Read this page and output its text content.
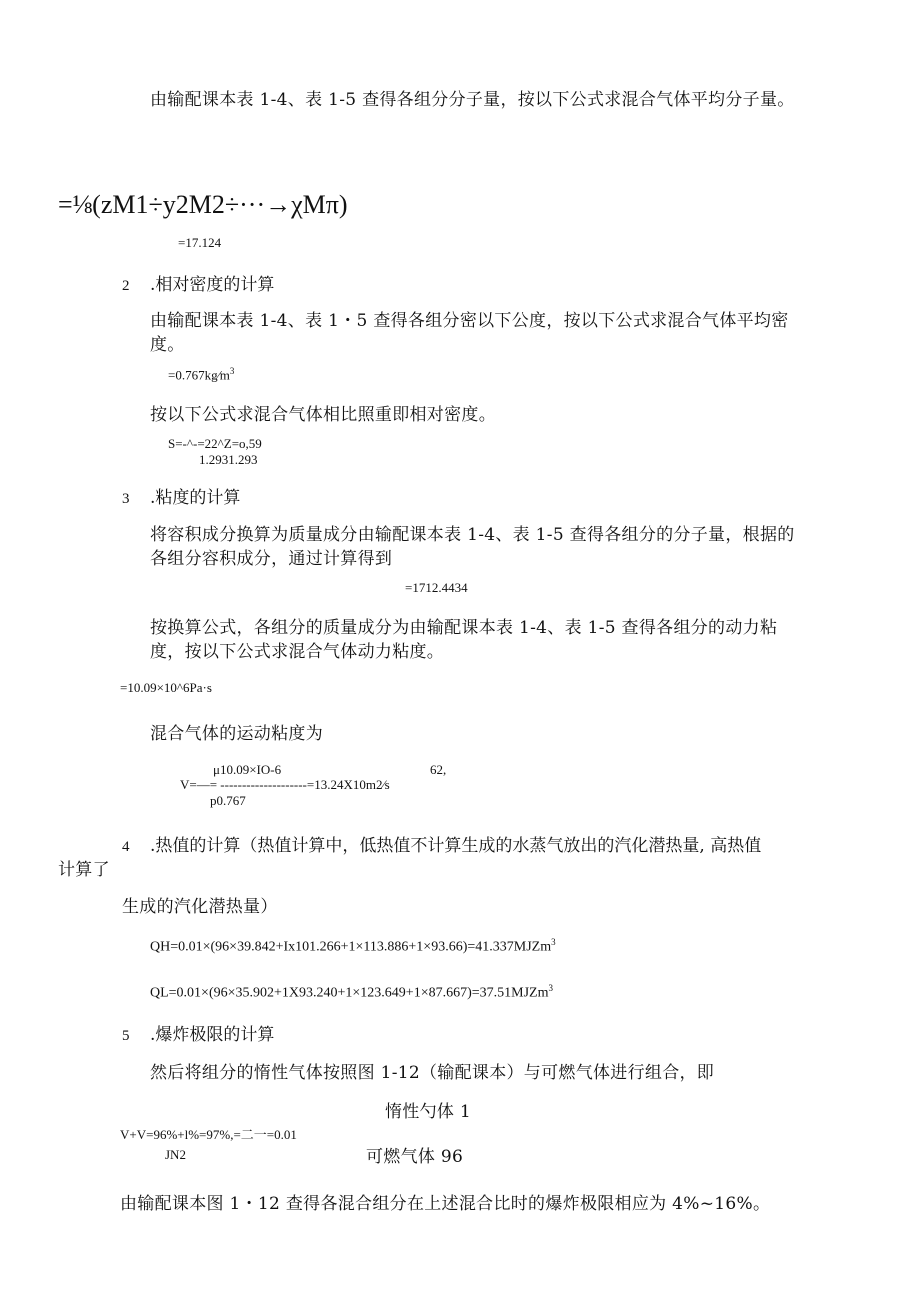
由输配课本表 1-4、表 1-5 查得各组分分子量，按以下公式求混合气体平均分子量。
=⅛(zM1÷y2M2÷···→χMπ)
=17.124
2 .相对密度的计算
由输配课本表 1-4、表 1・5 查得各组分密以下公度，按以下公式求混合气体平均密
度。
$=0.767kg∕m^3$
按以下公式求混合气体相比照重即相对密度。
S=-^-=22^Z=o,59
1.2931.293
3 .粘度的计算
将容积成分换算为质量成分由输配课本表 1-4、表 1-5 查得各组分的分子量，根据的
各组分容积成分，通过计算得到
=1712.4434
按换算公式，各组分的质量成分为由输配课本表 1-4、表 1-5 查得各组分的动力粘
度，按以下公式求混合气体动力粘度。
=10.09×10^6Pa·s
混合气体的运动粘度为
μ10.09×IO-6	62,
V=—= --------------------=13.24X10m2∕s
p0.767
4 .热值的计算（热值计算中，低热值不计算生成的水蒸气放出的汽化潜热量, 高热值
计算了
生成的汽化潜热量）
QH=0.01×(96×39.842+Ix101.266+1×113.886+1×93.66)=41.337MJZm$^3$
QL=0.01×(96×35.902+1X93.240+1×123.649+1×87.667)=37.51MJZm$^3$
5 .爆炸极限的计算
然后将组分的惰性气体按照图 1-12（输配课本）与可燃气体进行组合，即
惰性勺体 1
V+V=96%+l%=97%,=二一=0.01
JN2	可燃气体 96
由输配课本图 1・12 查得各混合组分在上述混合比时的爆炸极限相应为 4%~16%。
